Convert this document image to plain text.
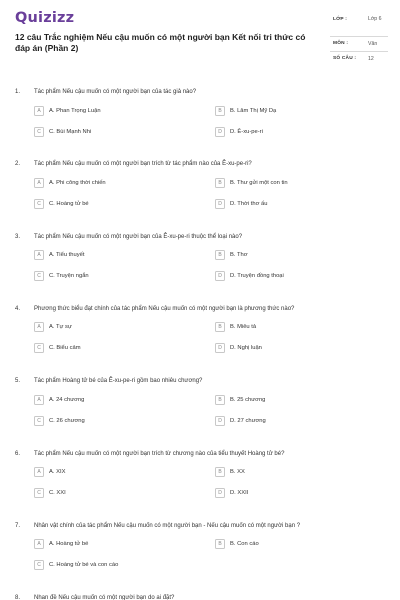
Quizizz
12 câu Trắc nghiệm Nếu cậu muốn có một người bạn Kết nối tri thức có đáp án (Phần 2)
LỚP :	Lớp 6
MÔN :	Văn
SỐ CÂU : 12
1. Tác phẩm Nếu cậu muốn có một người bạn của tác giả nào?
A	A. Phan Trọng Luận	B	B. Lâm Thị Mỹ Dạ
C	C. Bùi Mạnh Nhi	D	D. Ê-xu-pe-ri
2. Tác phẩm Nếu cậu muốn có một người bạn trích từ tác phẩm nào của Ê-xu-pe-ri?
A	A. Phi công thời chiến	B	B. Thư gửi một con tin
C	C. Hoàng tử bé	D	D. Thời thơ ấu
3. Tác phẩm Nếu cậu muốn có một người bạn của Ê-xu-pe-ri thuộc thể loại nào?
A	A. Tiểu thuyết	B	B. Thơ
C	C. Truyện ngắn	D	D. Truyện đồng thoại
4. Phương thức biểu đạt chính của tác phẩm Nếu cậu muốn có một người bạn là phương thức nào?
A	A. Tự sự	B	B. Miêu tả
C	C. Biểu cảm	D	D. Nghị luận
5. Tác phẩm Hoàng tử bé của Ê-xu-pe-ri gồm bao nhiêu chương?
A	A. 24 chương	B	B. 25 chương
C	C. 26 chương	D	D. 27 chương
6. Tác phẩm Nếu cậu muốn có một người bạn trích từ chương nào của tiểu thuyết Hoàng tử bé?
A	A. XIX	B	B. XX
C	C. XXI	D	D. XXII
7. Nhân vật chính của tác phẩm Nếu cậu muốn có một người bạn - Nếu cậu muốn có một người bạn ?
A	A. Hoàng tử bé	B	B. Con cáo
C	C. Hoàng tử bé và con cáo
8. Nhan đề Nếu cậu muốn có một người bạn do ai đặt?
